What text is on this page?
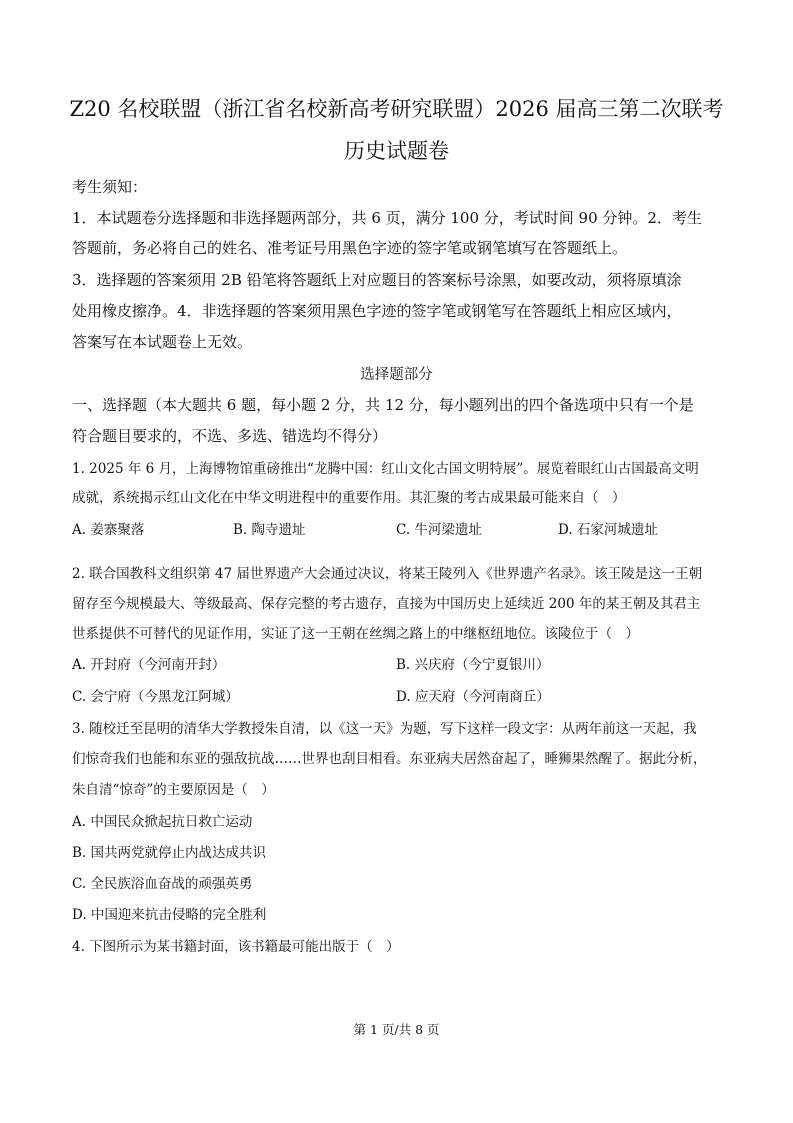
Z20 名校联盟（浙江省名校新高考研究联盟）2026 届高三第二次联考
历史试题卷
考生须知：
1．本试题卷分选择题和非选择题两部分，共 6 页，满分 100 分，考试时间 90 分钟。2．考生
答题前，务必将自己的姓名、准考证号用黑色字迹的签字笔或钢笔填写在答题纸上。
3．选择题的答案须用 2B 铅笔将答题纸上对应题目的答案标号涂黑，如要改动，须将原填涂
处用橡皮擦净。4．非选择题的答案须用黑色字迹的签字笔或钢笔写在答题纸上相应区域内，
答案写在本试题卷上无效。
选择题部分
一、选择题（本大题共 6 题，每小题 2 分，共 12 分，每小题列出的四个备选项中只有一个是
符合题目要求的，不选、多选、错选均不得分）
1. 2025 年 6 月，上海博物馆重磅推出“龙腾中国：红山文化古国文明特展”。展览着眼红山古国最高文明
成就，系统揭示红山文化在中华文明进程中的重要作用。其汇聚的考古成果最可能来自（　）
A. 姜寨聚落	B. 陶寺遗址	C. 牛河梁遗址	D. 石家河城遗址
2. 联合国教科文组织第 47 届世界遗产大会通过决议，将某王陵列入《世界遗产名录》。该王陵是这一王朝
留存至今规模最大、等级最高、保存完整的考古遗存，直接为中国历史上延续近 200 年的某王朝及其君主
世系提供不可替代的见证作用，实证了这一王朝在丝绸之路上的中继枢纽地位。该陵位于（　）
A. 开封府（今河南开封）	B. 兴庆府（今宁夏银川）
C. 会宁府（今黑龙江阿城）	D. 应天府（今河南商丘）
3. 随校迁至昆明的清华大学教授朱自清，以《这一天》为题，写下这样一段文字：从两年前这一天起，我
们惊奇我们也能和东亚的强敌抗战……世界也刮目相看。东亚病夫居然奋起了，睡狮果然醒了。据此分析，
朱自清“惊奇”的主要原因是（　）
A. 中国民众掀起抗日救亡运动
B. 国共两党就停止内战达成共识
C. 全民族浴血奋战的顽强英勇
D. 中国迎来抗击侵略的完全胜利
4. 下图所示为某书籍封面，该书籍最可能出版于（　）
第 1 页/共 8 页
